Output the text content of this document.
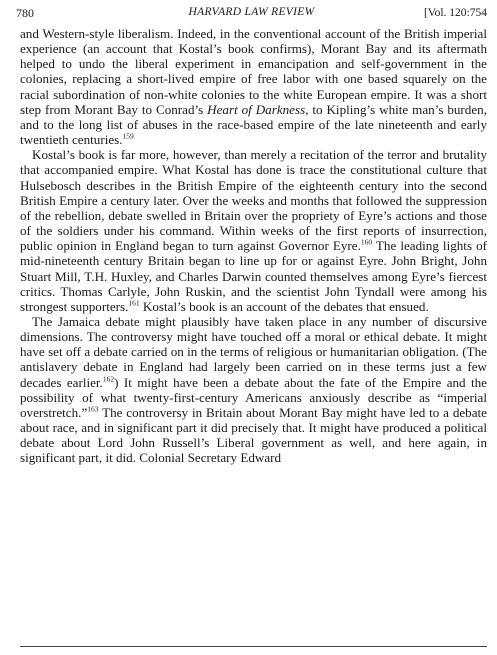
780	HARVARD LAW REVIEW	[Vol. 120:754

and Western-style liberalism. Indeed, in the conventional account of the British imperial experience (an account that Kostal’s book confirms), Morant Bay and its aftermath helped to undo the liberal experiment in emancipation and self-government in the colonies, replacing a short-lived empire of free labor with one based squarely on the racial subordination of non-white colonies to the white European empire. It was a short step from Morant Bay to Conrad’s Heart of Darkness, to Kipling’s white man’s burden, and to the long list of abuses in the race-based empire of the late nineteenth and early twentieth centuries.$^{159}$

Kostal’s book is far more, however, than merely a recitation of the terror and brutality that accompanied empire. What Kostal has done is trace the constitutional culture that Hulsebosch describes in the British Empire of the eighteenth century into the second British Empire a century later. Over the weeks and months that followed the suppression of the rebellion, debate swelled in Britain over the propriety of Eyre’s actions and those of the soldiers under his command. Within weeks of the first reports of insurrection, public opinion in England began to turn against Governor Eyre.$^{160}$ The leading lights of mid-nineteenth century Britain began to line up for or against Eyre. John Bright, John Stuart Mill, T.H. Huxley, and Charles Darwin counted themselves among Eyre’s fiercest critics. Thomas Carlyle, John Ruskin, and the scientist John Tyndall were among his strongest supporters.$^{161}$ Kostal’s book is an account of the debates that ensued.

The Jamaica debate might plausibly have taken place in any number of discursive dimensions. The controversy might have touched off a moral or ethical debate. It might have set off a debate carried on in the terms of religious or humanitarian obligation. (The antislavery debate in England had largely been carried on in these terms just a few decades earlier.$^{162}$) It might have been a debate about the fate of the Empire and the possibility of what twenty-first-century Americans anxiously describe as “imperial overstretch.”$^{163}$ The controversy in Britain about Morant Bay might have led to a debate about race, and in significant part it did precisely that. It might have produced a political debate about Lord John Russell’s Liberal government as well, and here again, in significant part, it did. Colonial Secretary Edward
